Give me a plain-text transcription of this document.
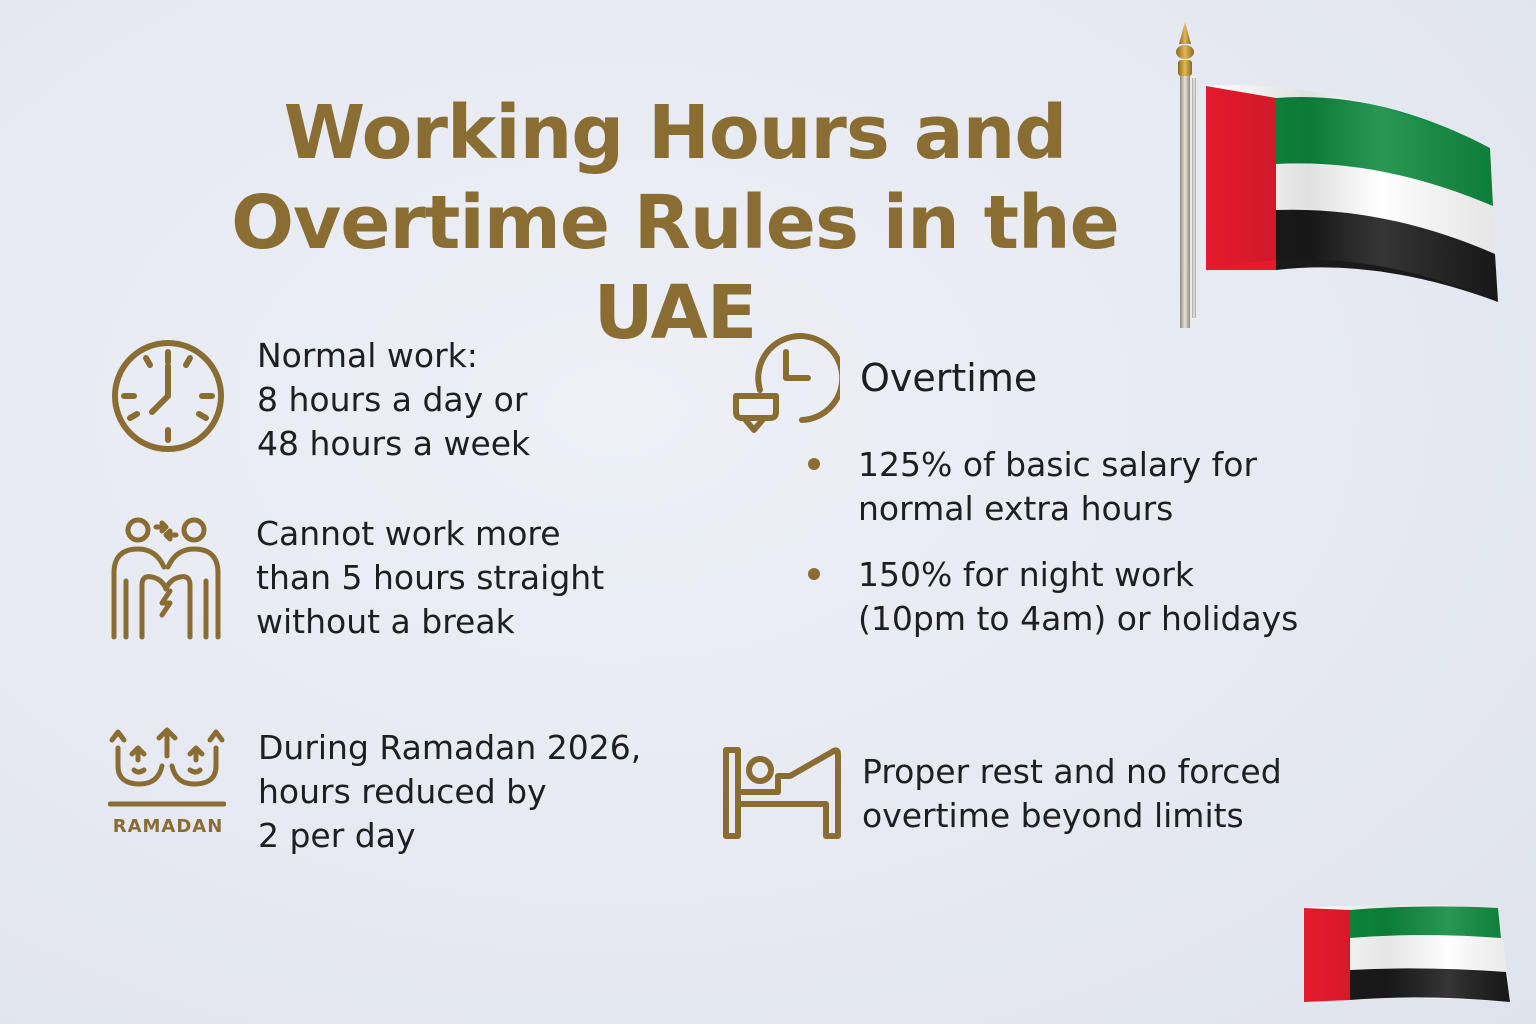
Working Hours and
Overtime Rules in the UAE
Normal work:
8 hours a day or
48 hours a week
Cannot work more
than 5 hours straight
without a break
RAMADAN
During Ramadan 2026,
hours reduced by
2 per day
Overtime
125% of basic salary for
normal extra hours
150% for night work
(10pm to 4am) or holidays
Proper rest and no forced
overtime beyond limits
